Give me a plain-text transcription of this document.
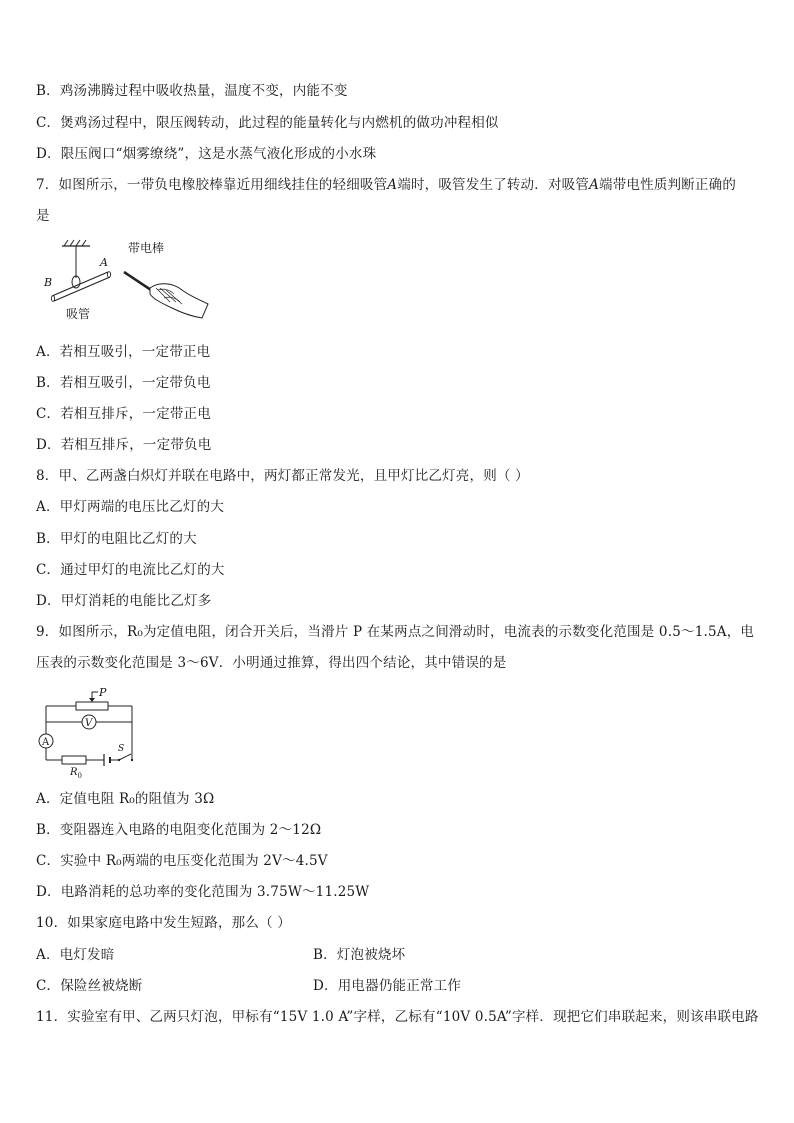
B．鸡汤沸腾过程中吸收热量，温度不变，内能不变
C．煲鸡汤过程中，限压阀转动，此过程的能量转化与内燃机的做功冲程相似
D．限压阀口“烟雾缭绕”，这是水蒸气液化形成的小水珠
7．如图所示，一带负电橡胶棒靠近用细线挂住的轻细吸管A端时，吸管发生了转动．对吸管A端带电性质判断正确的
是
带电棒
A
B
吸管
A．若相互吸引，一定带正电
B．若相互吸引，一定带负电
C．若相互排斥，一定带正电
D．若相互排斥，一定带负电
8．甲、乙两盏白炽灯并联在电路中，两灯都正常发光，且甲灯比乙灯亮，则（ ）
A．甲灯两端的电压比乙灯的大
B．甲灯的电阻比乙灯的大
C．通过甲灯的电流比乙灯的大
D．甲灯消耗的电能比乙灯多
9．如图所示，R₀为定值电阻，闭合开关后，当滑片 P 在某两点之间滑动时，电流表的示数变化范围是 0.5～1.5A，电
压表的示数变化范围是 3～6V．小明通过推算，得出四个结论，其中错误的是
P
V
A
$R_0$
S
A．定值电阻 R₀的阻值为 3Ω
B．变阻器连入电路的电阻变化范围为 2～12Ω
C．实验中 R₀两端的电压变化范围为 2V～4.5V
D．电路消耗的总功率的变化范围为 3.75W～11.25W
10．如果家庭电路中发生短路，那么（ ）
A．电灯发暗	B．灯泡被烧坏
C．保险丝被烧断	D．用电器仍能正常工作
11．实验室有甲、乙两只灯泡，甲标有“15V 1.0 A”字样，乙标有“10V 0.5A”字样．现把它们串联起来，则该串联电路
